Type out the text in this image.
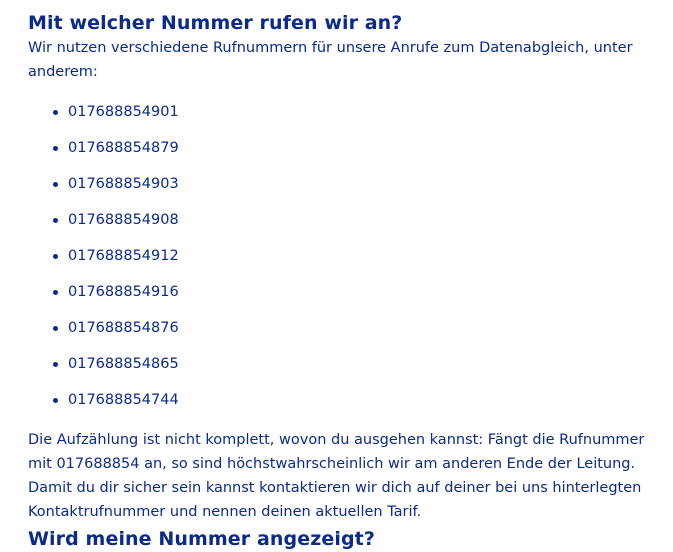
Mit welcher Nummer rufen wir an?

Wir nutzen verschiedene Rufnummern für unsere Anrufe zum Datenabgleich, unter anderem:

017688854901
017688854879
017688854903
017688854908
017688854912
017688854916
017688854876
017688854865
017688854744

Die Aufzählung ist nicht komplett, wovon du ausgehen kannst: Fängt die Rufnummer mit 017688854 an, so sind höchstwahrscheinlich wir am anderen Ende der Leitung. Damit du dir sicher sein kannst kontaktieren wir dich auf deiner bei uns hinterlegten Kontaktrufnummer und nennen deinen aktuellen Tarif.

Wird meine Nummer angezeigt?
